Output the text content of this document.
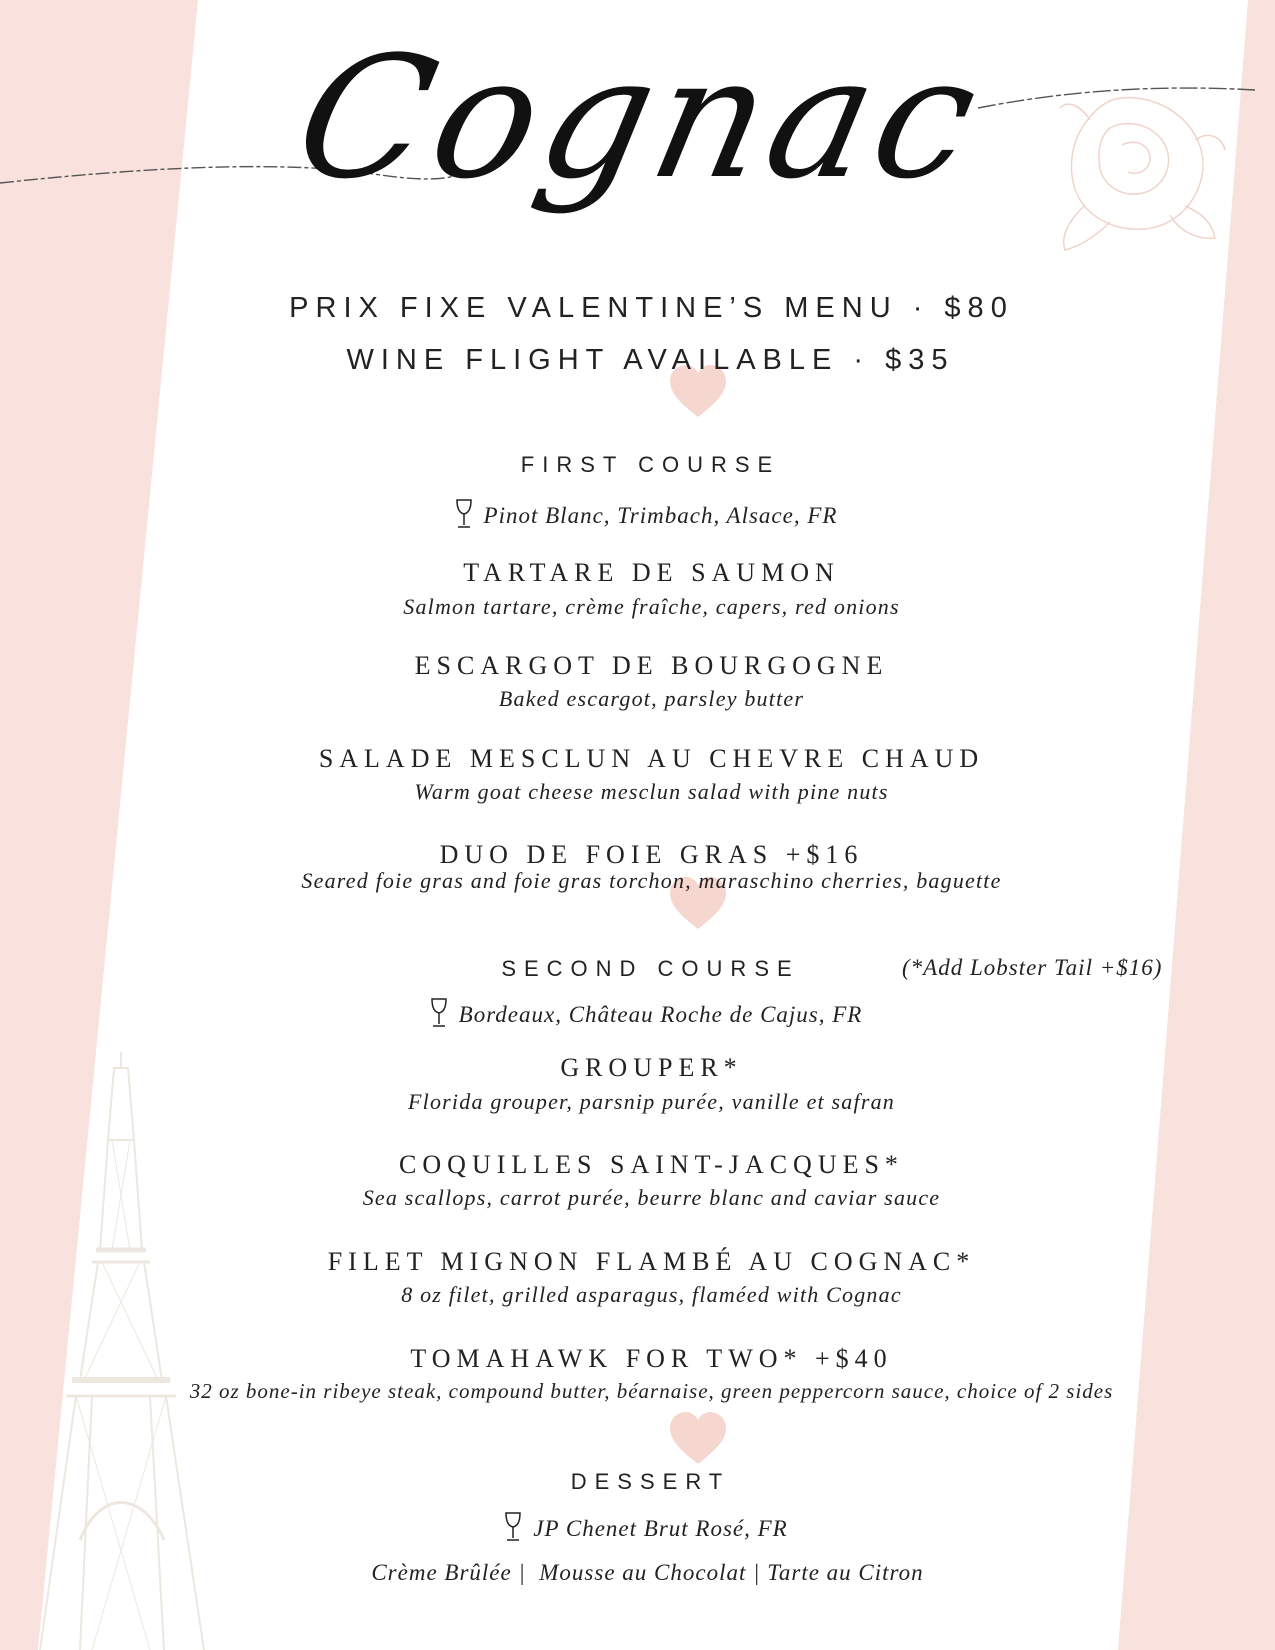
Cognac
PRIX FIXE VALENTINE’S MENU · $80
WINE FLIGHT AVAILABLE · $35
FIRST COURSE
Pinot Blanc, Trimbach, Alsace, FR
TARTARE DE SAUMON
Salmon tartare, crème fraîche, capers, red onions
ESCARGOT DE BOURGOGNE
Baked escargot, parsley butter
SALADE MESCLUN AU CHEVRE CHAUD
Warm goat cheese mesclun salad with pine nuts
DUO DE FOIE GRAS +$16
Seared foie gras and foie gras torchon, maraschino cherries, baguette
SECOND COURSE	(*Add Lobster Tail +$16)
Bordeaux, Château Roche de Cajus, FR
GROUPER*
Florida grouper, parsnip purée, vanille et safran
COQUILLES SAINT-JACQUES*
Sea scallops, carrot purée, beurre blanc and caviar sauce
FILET MIGNON FLAMBÉ AU COGNAC*
8 oz filet, grilled asparagus, flaméed with Cognac
TOMAHAWK FOR TWO* +$40
32 oz bone-in ribeye steak, compound butter, béarnaise, green peppercorn sauce, choice of 2 sides
DESSERT
JP Chenet Brut Rosé, FR
Crème Brûlée |  Mousse au Chocolat | Tarte au Citron
